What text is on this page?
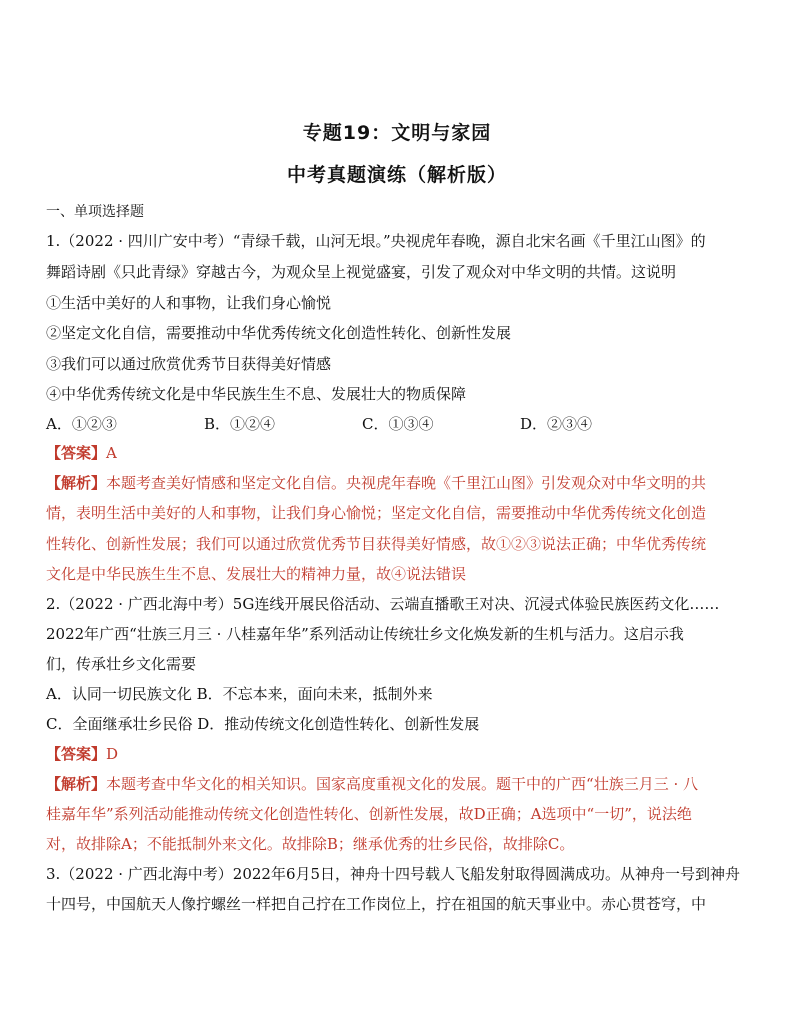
专题19：文明与家园
中考真题演练（解析版）
一、单项选择题
1.（2022 · 四川广安中考）“青绿千载，山河无垠。”央视虎年春晚，源自北宋名画《千里江山图》的
舞蹈诗剧《只此青绿》穿越古今，为观众呈上视觉盛宴，引发了观众对中华文明的共情。这说明
①生活中美好的人和事物，让我们身心愉悦
②坚定文化自信，需要推动中华优秀传统文化创造性转化、创新性发展
③我们可以通过欣赏优秀节目获得美好情感
④中华优秀传统文化是中华民族生生不息、发展壮大的物质保障
A．①②③	B．①②④	C．①③④	D．②③④
【答案】A
【解析】本题考查美好情感和坚定文化自信。央视虎年春晚《千里江山图》引发观众对中华文明的共
情，表明生活中美好的人和事物，让我们身心愉悦；坚定文化自信，需要推动中华优秀传统文化创造
性转化、创新性发展；我们可以通过欣赏优秀节目获得美好情感，故①②③说法正确；中华优秀传统
文化是中华民族生生不息、发展壮大的精神力量，故④说法错误
2.（2022 · 广西北海中考）5G连线开展民俗活动、云端直播歌王对决、沉浸式体验民族医药文化……
2022年广西“壮族三月三 · 八桂嘉年华”系列活动让传统壮乡文化焕发新的生机与活力。这启示我
们，传承壮乡文化需要
A．认同一切民族文化 B．不忘本来，面向未来，抵制外来
C．全面继承壮乡民俗 D．推动传统文化创造性转化、创新性发展
【答案】D
【解析】本题考查中华文化的相关知识。国家高度重视文化的发展。题干中的广西“壮族三月三 · 八
桂嘉年华”系列活动能推动传统文化创造性转化、创新性发展，故D正确；A选项中“一切”，说法绝
对，故排除A；不能抵制外来文化。故排除B；继承优秀的壮乡民俗，故排除C。
3.（2022 · 广西北海中考）2022年6月5日，神舟十四号载人飞船发射取得圆满成功。从神舟一号到神舟
十四号，中国航天人像拧螺丝一样把自己拧在工作岗位上，拧在祖国的航天事业中。赤心贯苍穹，中
